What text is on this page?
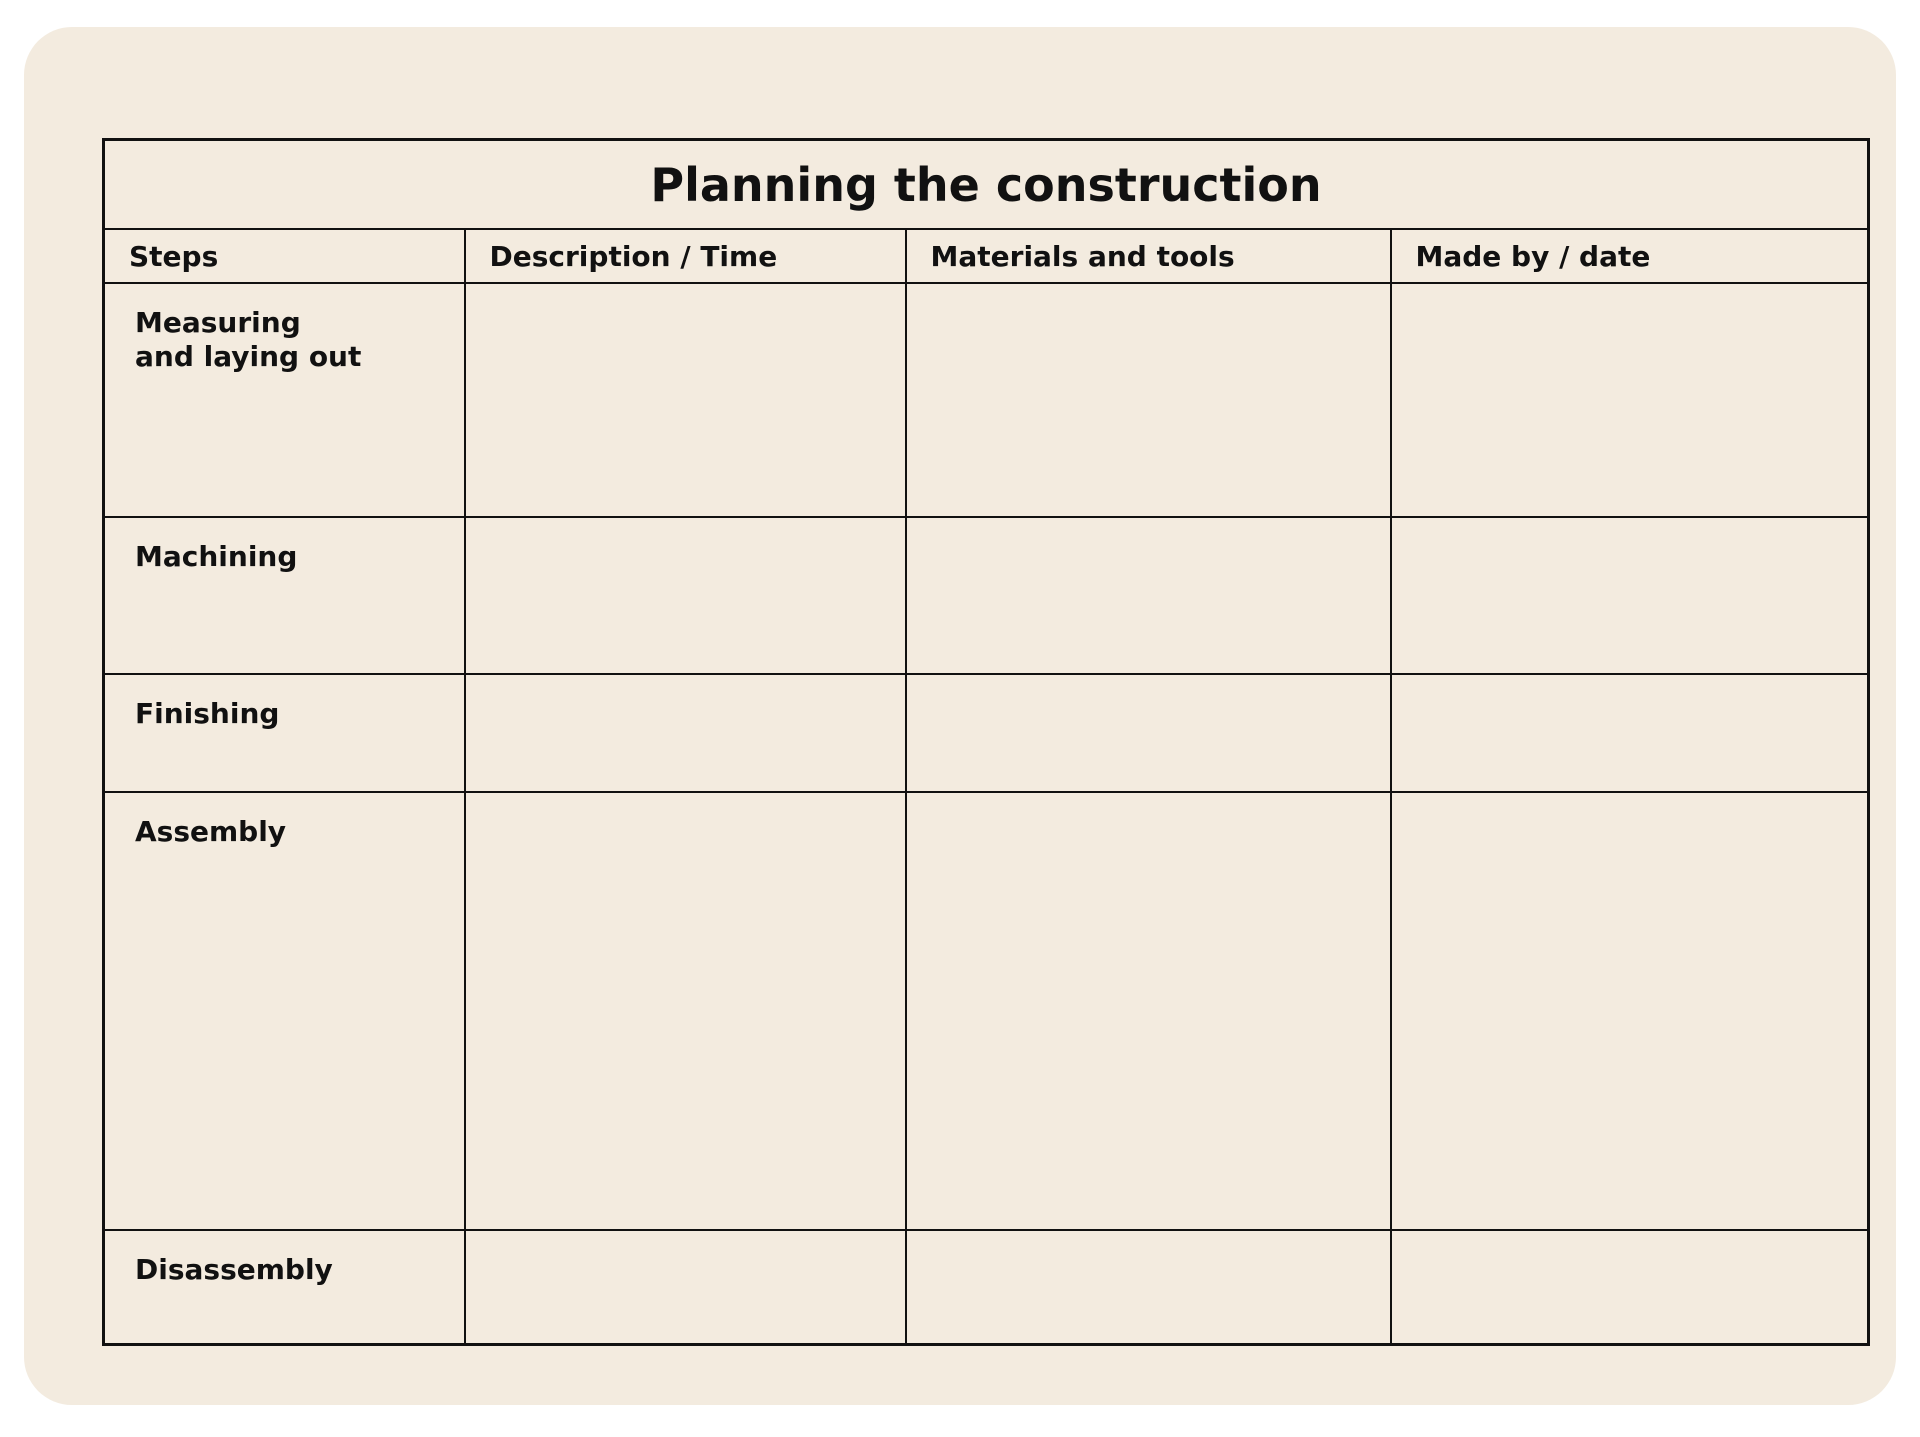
Planning the construction			
Steps	Description / Time	Materials and tools	Made by / date

Measuring and laying out			

Machining			

Finishing			

Assembly			

Disassembly			
